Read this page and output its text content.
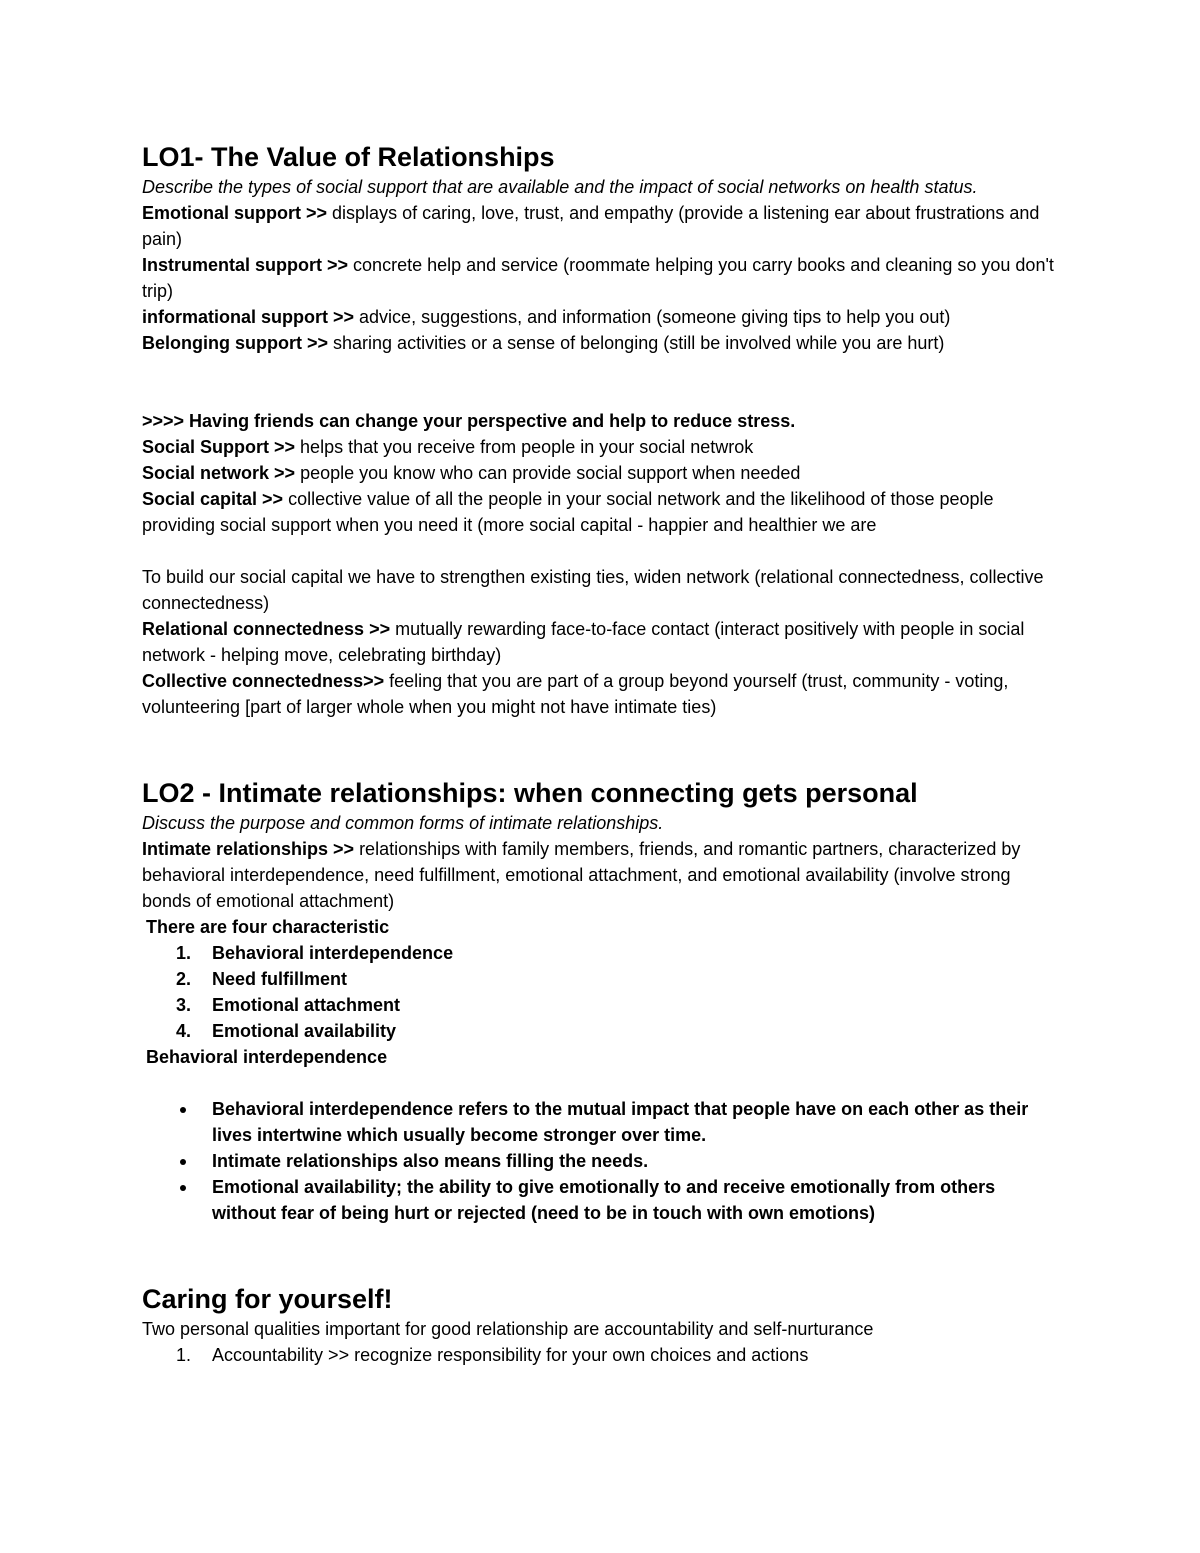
LO1- The Value of Relationships

Describe the types of social support that are available and the impact of social networks on health status.

Emotional support >> displays of caring, love, trust, and empathy (provide a listening ear about frustrations and pain)

Instrumental support >> concrete help and service (roommate helping you carry books and cleaning so you don't trip)

informational support >> advice, suggestions, and information (someone giving tips to help you out)

Belonging support >> sharing activities or a sense of belonging (still be involved while you are hurt)

>>>> Having friends can change your perspective and help to reduce stress.

Social Support >> helps that you receive from people in your social netwrok

Social network >> people you know who can provide social support when needed

Social capital >> collective value of all the people in your social network and the likelihood of those people providing social support when you need it (more social capital - happier and healthier we are

To build our social capital we have to strengthen existing ties, widen network (relational connectedness, collective connectedness)

Relational connectedness >> mutually rewarding face-to-face contact (interact positively with people in social network - helping move, celebrating birthday)

Collective connectedness>> feeling that you are part of a group beyond yourself (trust, community - voting, volunteering [part of larger whole when you might not have intimate ties)

LO2 - Intimate relationships: when connecting gets personal

Discuss the purpose and common forms of intimate relationships.

Intimate relationships >> relationships with family members, friends, and romantic partners, characterized by behavioral interdependence, need fulfillment, emotional attachment, and emotional availability (involve strong bonds of emotional attachment)

There are four characteristic

1. Behavioral interdependence
2. Need fulfillment
3. Emotional attachment
4. Emotional availability

Behavioral interdependence

Behavioral interdependence refers to the mutual impact that people have on each other as their lives intertwine which usually become stronger over time.
Intimate relationships also means filling the needs.
Emotional availability; the ability to give emotionally to and receive emotionally from others without fear of being hurt or rejected (need to be in touch with own emotions)
Caring for yourself!

Two personal qualities important for good relationship are accountability and self-nurturance

1. Accountability >> recognize responsibility for your own choices and actions
